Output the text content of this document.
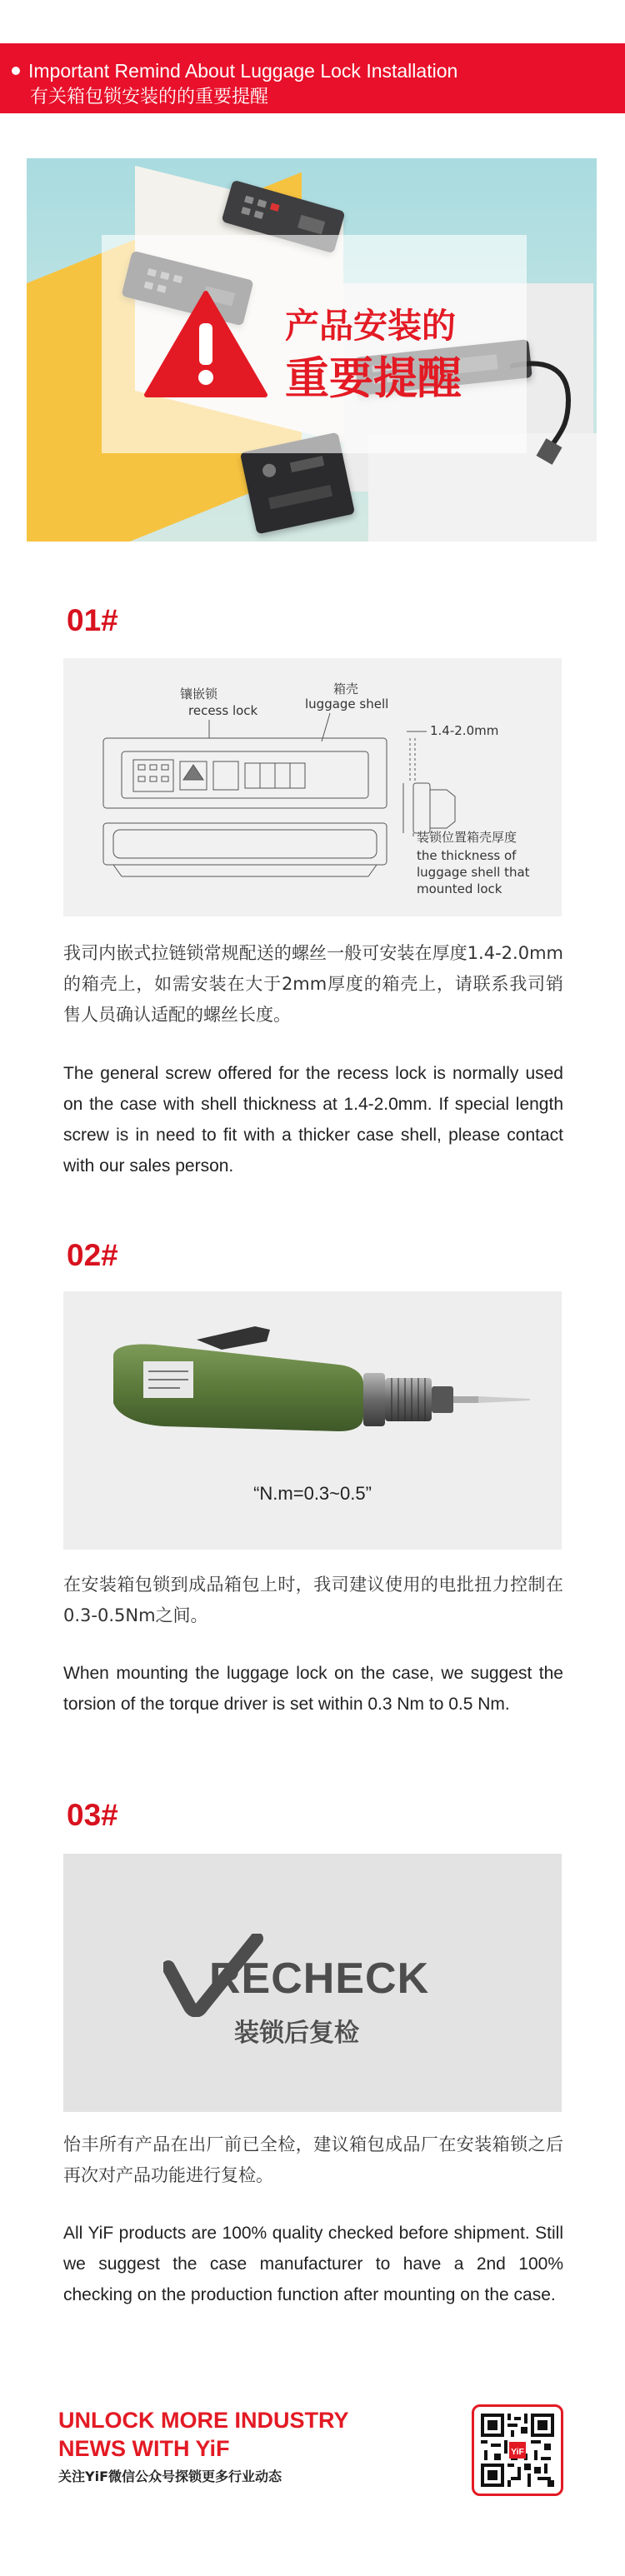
Important Remind About Luggage Lock Installation
有关箱包锁安装的的重要提醒
产品安装的
重要提醒
01#
镶嵌锁
recess lock
箱壳
luggage shell
1.4-2.0mm
装锁位置箱壳厚度
the thickness of
luggage shell that
mounted lock
我司内嵌式拉链锁常规配送的螺丝一般可安装在厚度1.4-2.0mm的箱壳上，如需安装在大于2mm厚度的箱壳上，请联系我司销售人员确认适配的螺丝长度。
The general screw offered for the recess lock is normally used on the case with shell thickness at 1.4-2.0mm. If special length screw is in need to fit with a thicker case shell, please contact with our sales person.
02#
“N.m=0.3~0.5”
在安装箱包锁到成品箱包上时，我司建议使用的电批扭力控制在0.3-0.5Nm之间。
When mounting the luggage lock on the case, we suggest the torsion of the torque driver is set within 0.3 Nm to 0.5 Nm.
03#
RECHECK
装锁后复检
怡丰所有产品在出厂前已全检，建议箱包成品厂在安装箱锁之后再次对产品功能进行复检。
All YiF products are 100% quality checked before shipment. Still we suggest the case manufacturer to have a 2nd 100% checking on the production function after mounting on the case.
UNLOCK MORE INDUSTRY
NEWS WITH YiF
关注YiF微信公众号探锁更多行业动态
YiF
